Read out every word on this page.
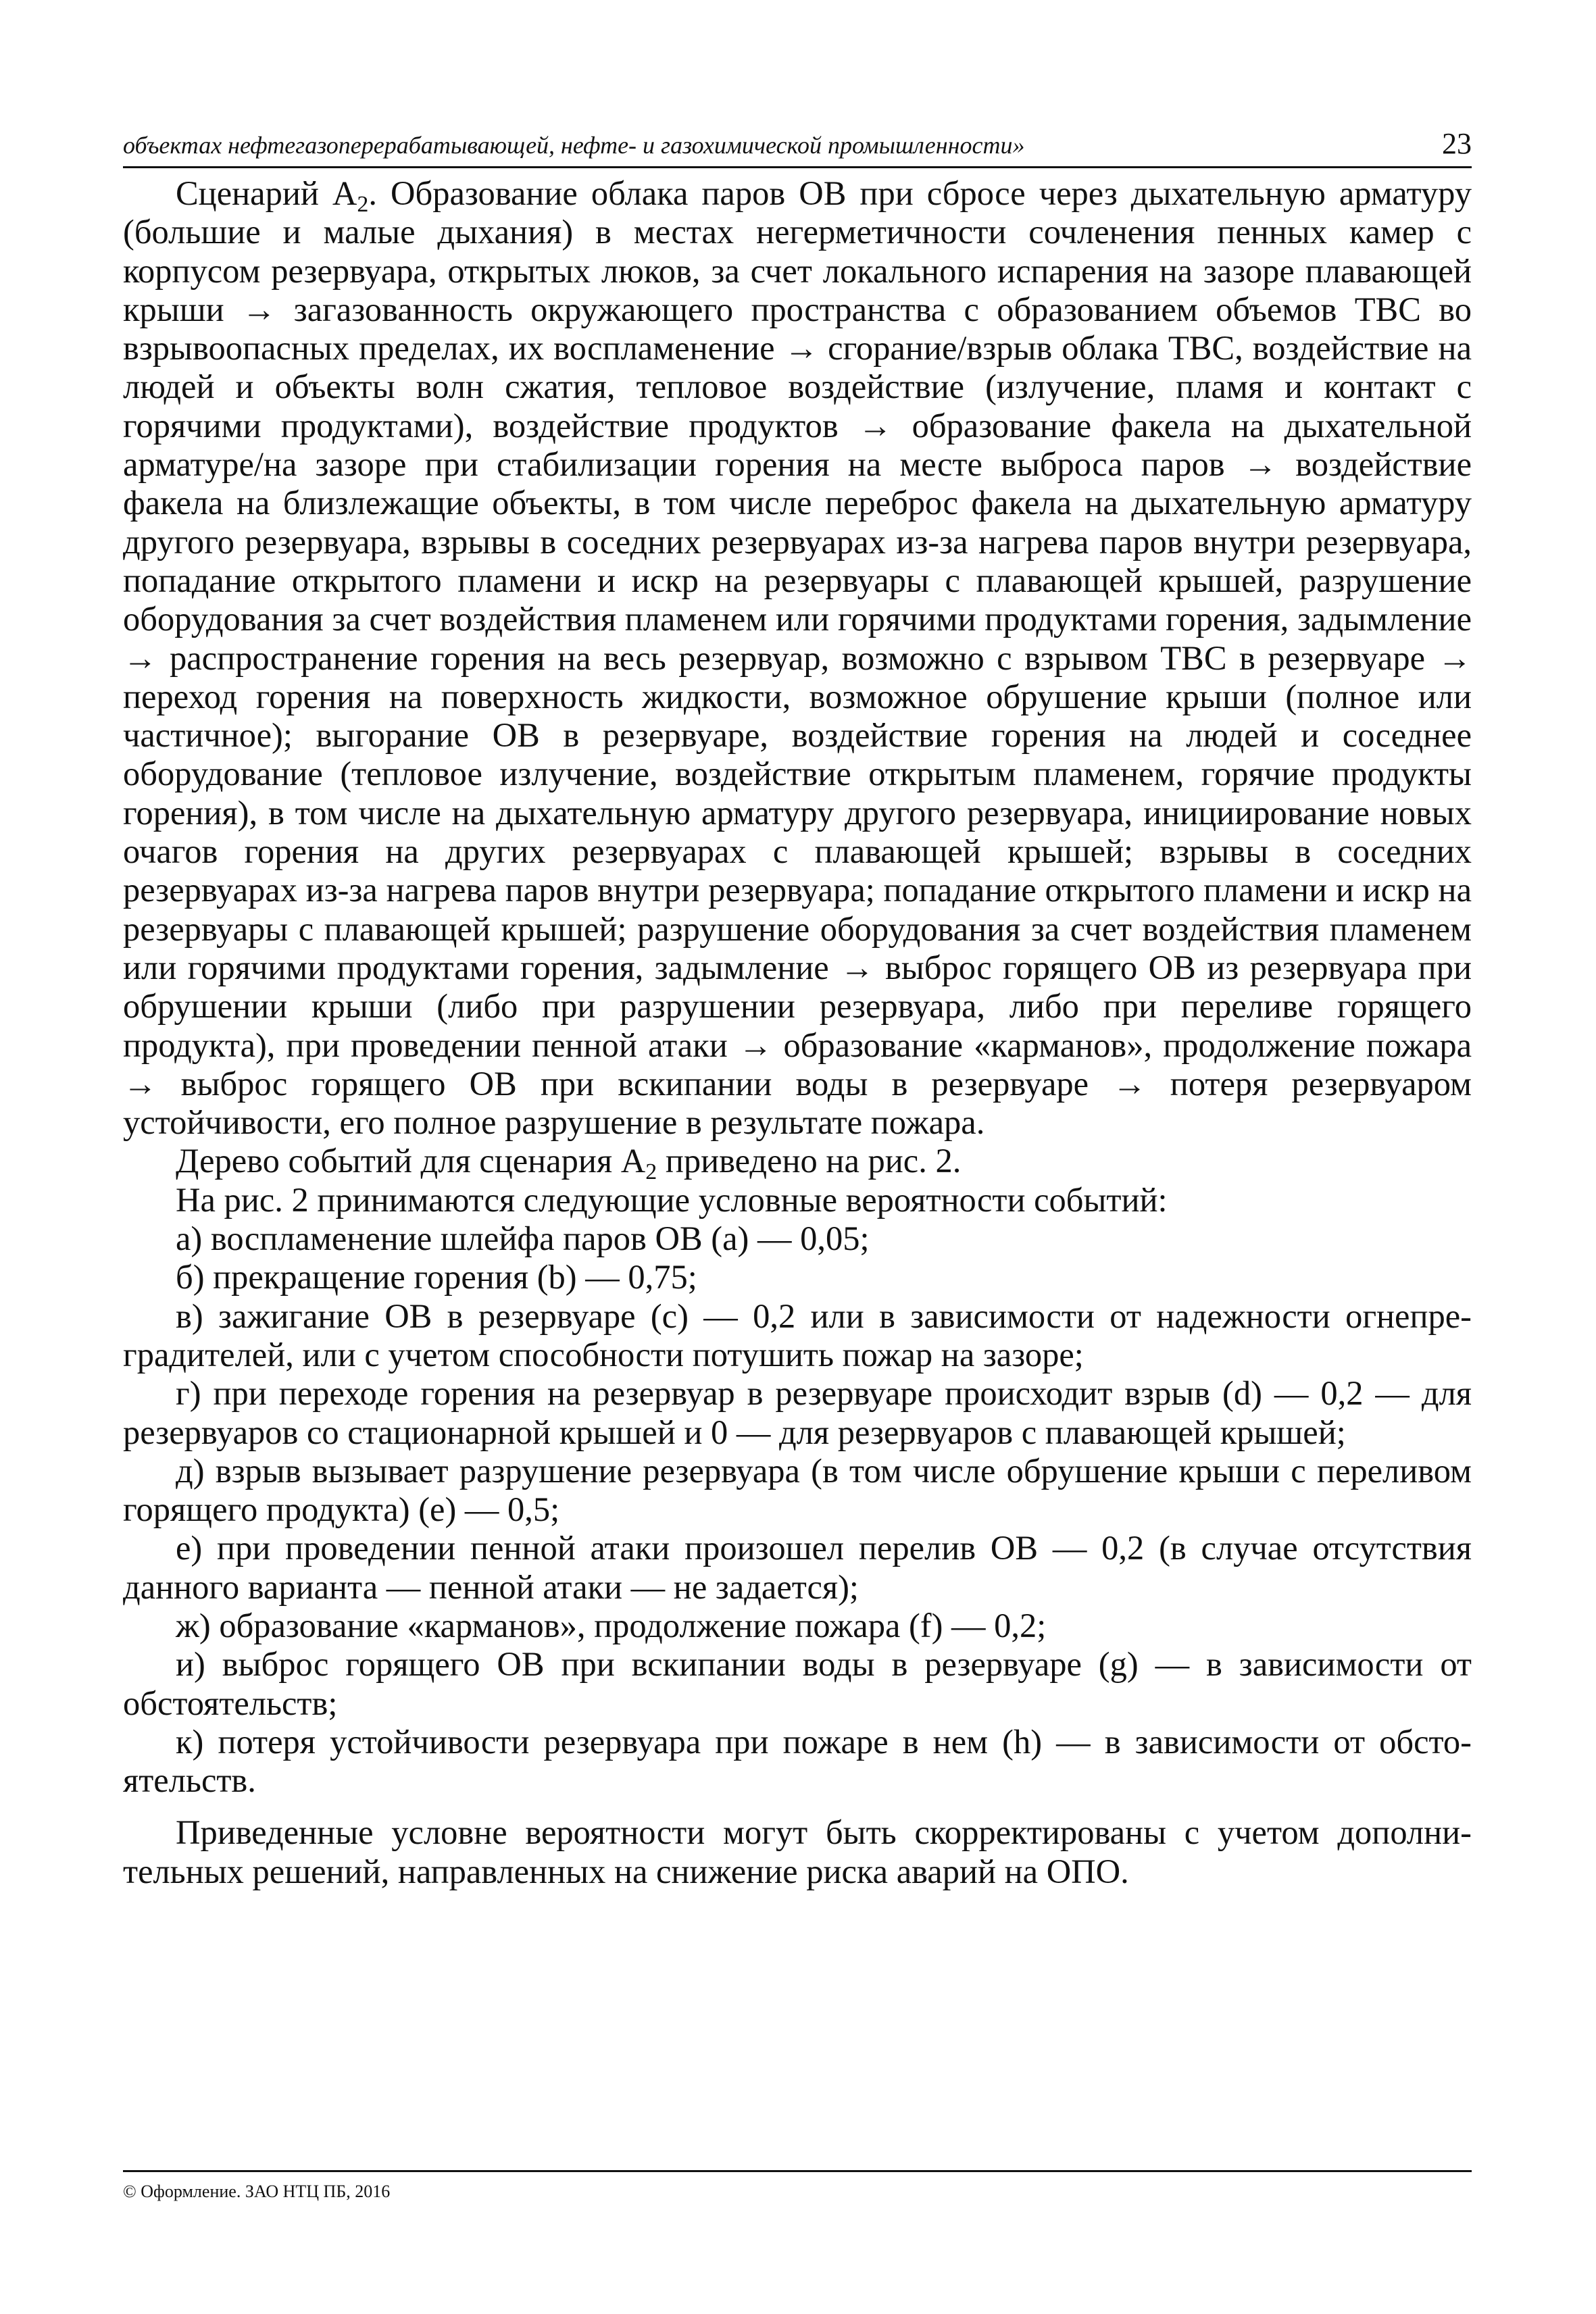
объектах нефтегазоперерабатывающей, нефте- и газохимической промышленности»	23

Сценарий $А_2$. Образование облака паров ОВ при сбросе через дыхательную арматуру (большие и малые дыхания) в местах негерметичности сочленения пенных камер с корпусом резервуара, открытых люков, за счет локального испарения на зазоре плавающей крыши → загазованность окружающего пространства с образованием объемов ТВС во взрывоопасных пределах, их воспламенение → сгорание/взрыв облака ТВС, воздействие на людей и объекты волн сжатия, тепловое воздействие (излучение, пламя и контакт с горячими продуктами), воздействие продуктов → образование факела на дыхательной арматуре/на зазоре при стабилизации горения на месте выброса паров → воздействие факела на близлежащие объекты, в том числе переброс факела на дыхательную арматуру другого резервуара, взрывы в соседних резервуарах из-за нагрева паров внутри резервуара, попадание открытого пламени и искр на резервуары с плавающей крышей, разрушение оборудования за счет воздействия пламенем или горячими продуктами горения, задымление → распространение горения на весь резервуар, возможно с взрывом ТВС в резервуаре → переход горения на поверхность жидкости, возможное обрушение крыши (полное или частичное); выгорание ОВ в резервуаре, воздействие горения на людей и соседнее оборудование (тепловое излучение, воздействие открытым пламенем, горячие продукты горения), в том числе на дыхательную арматуру другого резервуара, инициирование новых очагов горения на других резервуарах с плавающей крышей; взрывы в соседних резервуарах из-за нагрева паров внутри резервуара; попадание открытого пламени и искр на резервуары с плавающей крышей; разрушение оборудования за счет воздействия пламенем или горячими продуктами горения, задымление → выброс горящего ОВ из резервуара при обрушении крыши (либо при разрушении резервуара, либо при переливе горящего продукта), при проведении пенной атаки → образование «карманов», продолжение пожара → выброс горящего ОВ при вскипании воды в резервуаре → потеря резервуаром устойчивости, его полное разрушение в результате пожара.

Дерево событий для сценария $А_2$ приведено на рис. 2.

На рис. 2 принимаются следующие условные вероятности событий:

а) воспламенение шлейфа паров ОВ (a) — 0,05;

б) прекращение горения (b) — 0,75;

в) зажигание ОВ в резервуаре (c) — 0,2 или в зависимости от надежности огнепреградителей, или с учетом способности потушить пожар на зазоре;

г) при переходе горения на резервуар в резервуаре происходит взрыв (d) — 0,2 — для резервуаров со стационарной крышей и 0 — для резервуаров с плавающей крышей;

д) взрыв вызывает разрушение резервуара (в том числе обрушение крыши с переливом горящего продукта) (e) — 0,5;

е) при проведении пенной атаки произошел перелив ОВ — 0,2 (в случае отсутствия данного варианта — пенной атаки — не задается);

ж) образование «карманов», продолжение пожара (f) — 0,2;

и) выброс горящего ОВ при вскипании воды в резервуаре (g) — в зависимости от обстоятельств;

к) потеря устойчивости резервуара при пожаре в нем (h) — в зависимости от обстоятельств.

Приведенные условне вероятности могут быть скорректированы с учетом дополнительных решений, направленных на снижение риска аварий на ОПО.

© Оформление. ЗАО НТЦ ПБ, 2016
